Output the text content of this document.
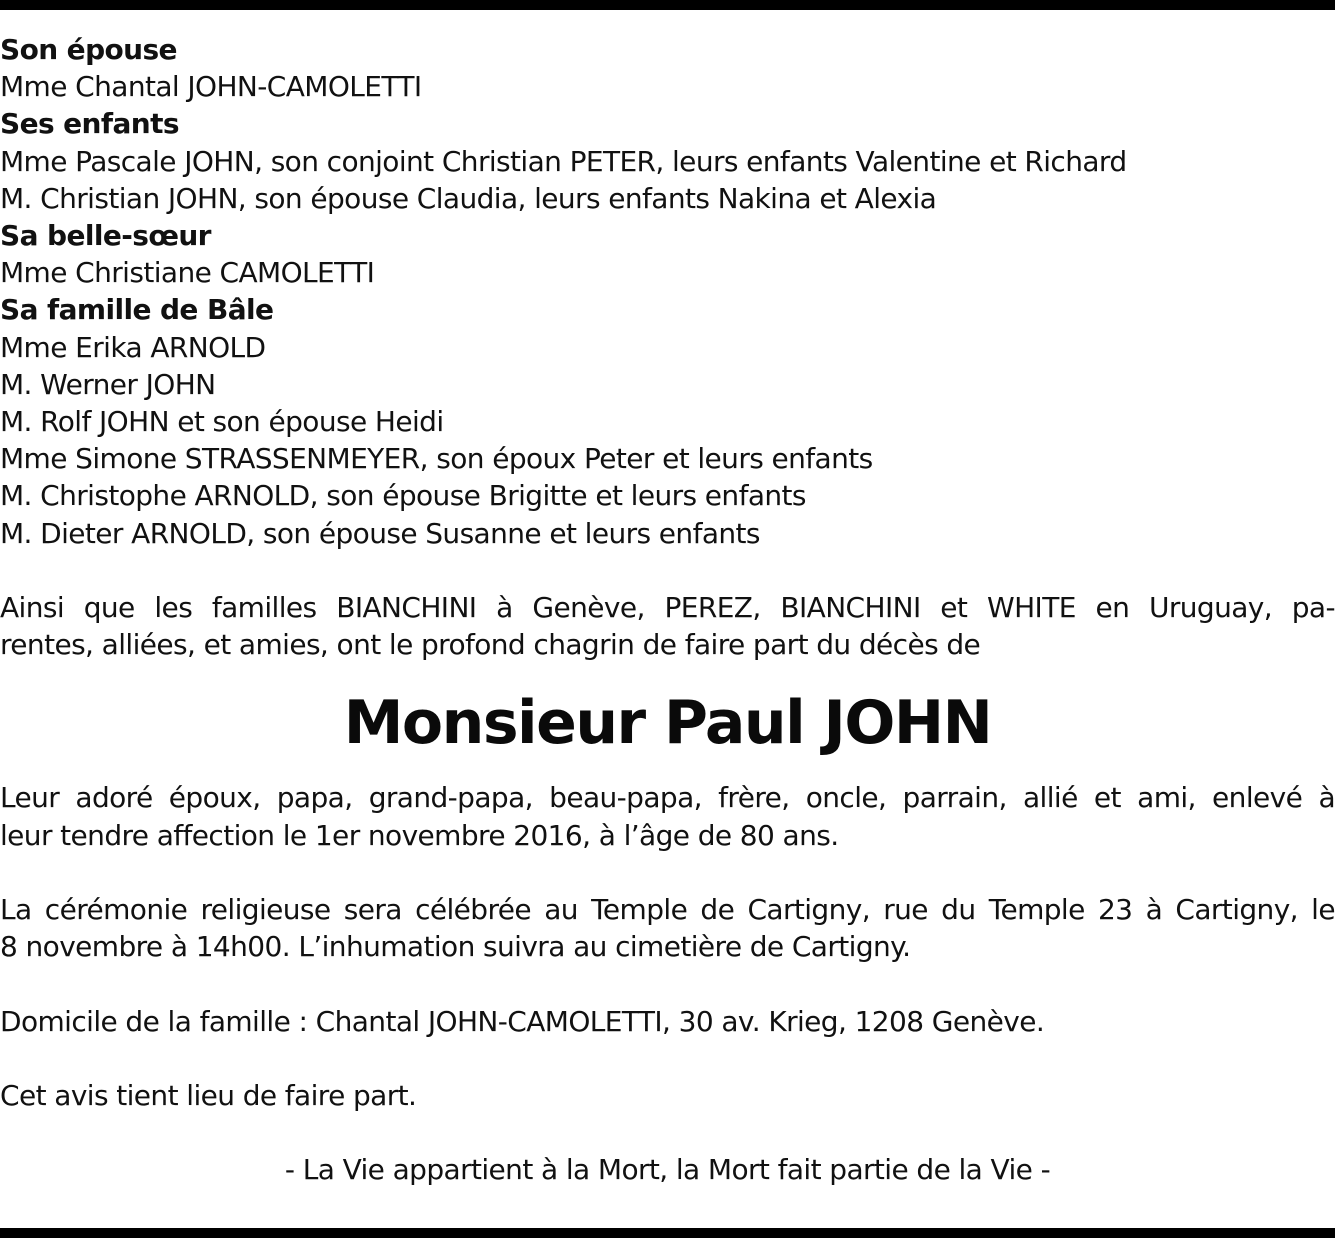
Son épouse

Mme Chantal JOHN-CAMOLETTI

Ses enfants

Mme Pascale JOHN, son conjoint Christian PETER, leurs enfants Valentine et Richard

M. Christian JOHN, son épouse Claudia, leurs enfants Nakina et Alexia

Sa belle-sœur

Mme Christiane CAMOLETTI

Sa famille de Bâle

Mme Erika ARNOLD

M. Werner JOHN

M. Rolf JOHN et son épouse Heidi

Mme Simone STRASSENMEYER, son époux Peter et leurs enfants

M. Christophe ARNOLD, son épouse Brigitte et leurs enfants

M. Dieter ARNOLD, son épouse Susanne et leurs enfants

Ainsi que les familles BIANCHINI à Genève, PEREZ, BIANCHINI et WHITE en Uruguay, pa-

rentes, alliées, et amies, ont le profond chagrin de faire part du décès de

Monsieur Paul JOHN

Leur adoré époux, papa, grand-papa, beau-papa, frère, oncle, parrain, allié et ami, enlevé à

leur tendre affection le 1er novembre 2016, à l’âge de 80 ans.

La cérémonie religieuse sera célébrée au Temple de Cartigny, rue du Temple 23 à Cartigny, le

8 novembre à 14h00. L’inhumation suivra au cimetière de Cartigny.

Domicile de la famille : Chantal JOHN-CAMOLETTI, 30 av. Krieg, 1208 Genève.

Cet avis tient lieu de faire part.

- La Vie appartient à la Mort, la Mort fait partie de la Vie -
